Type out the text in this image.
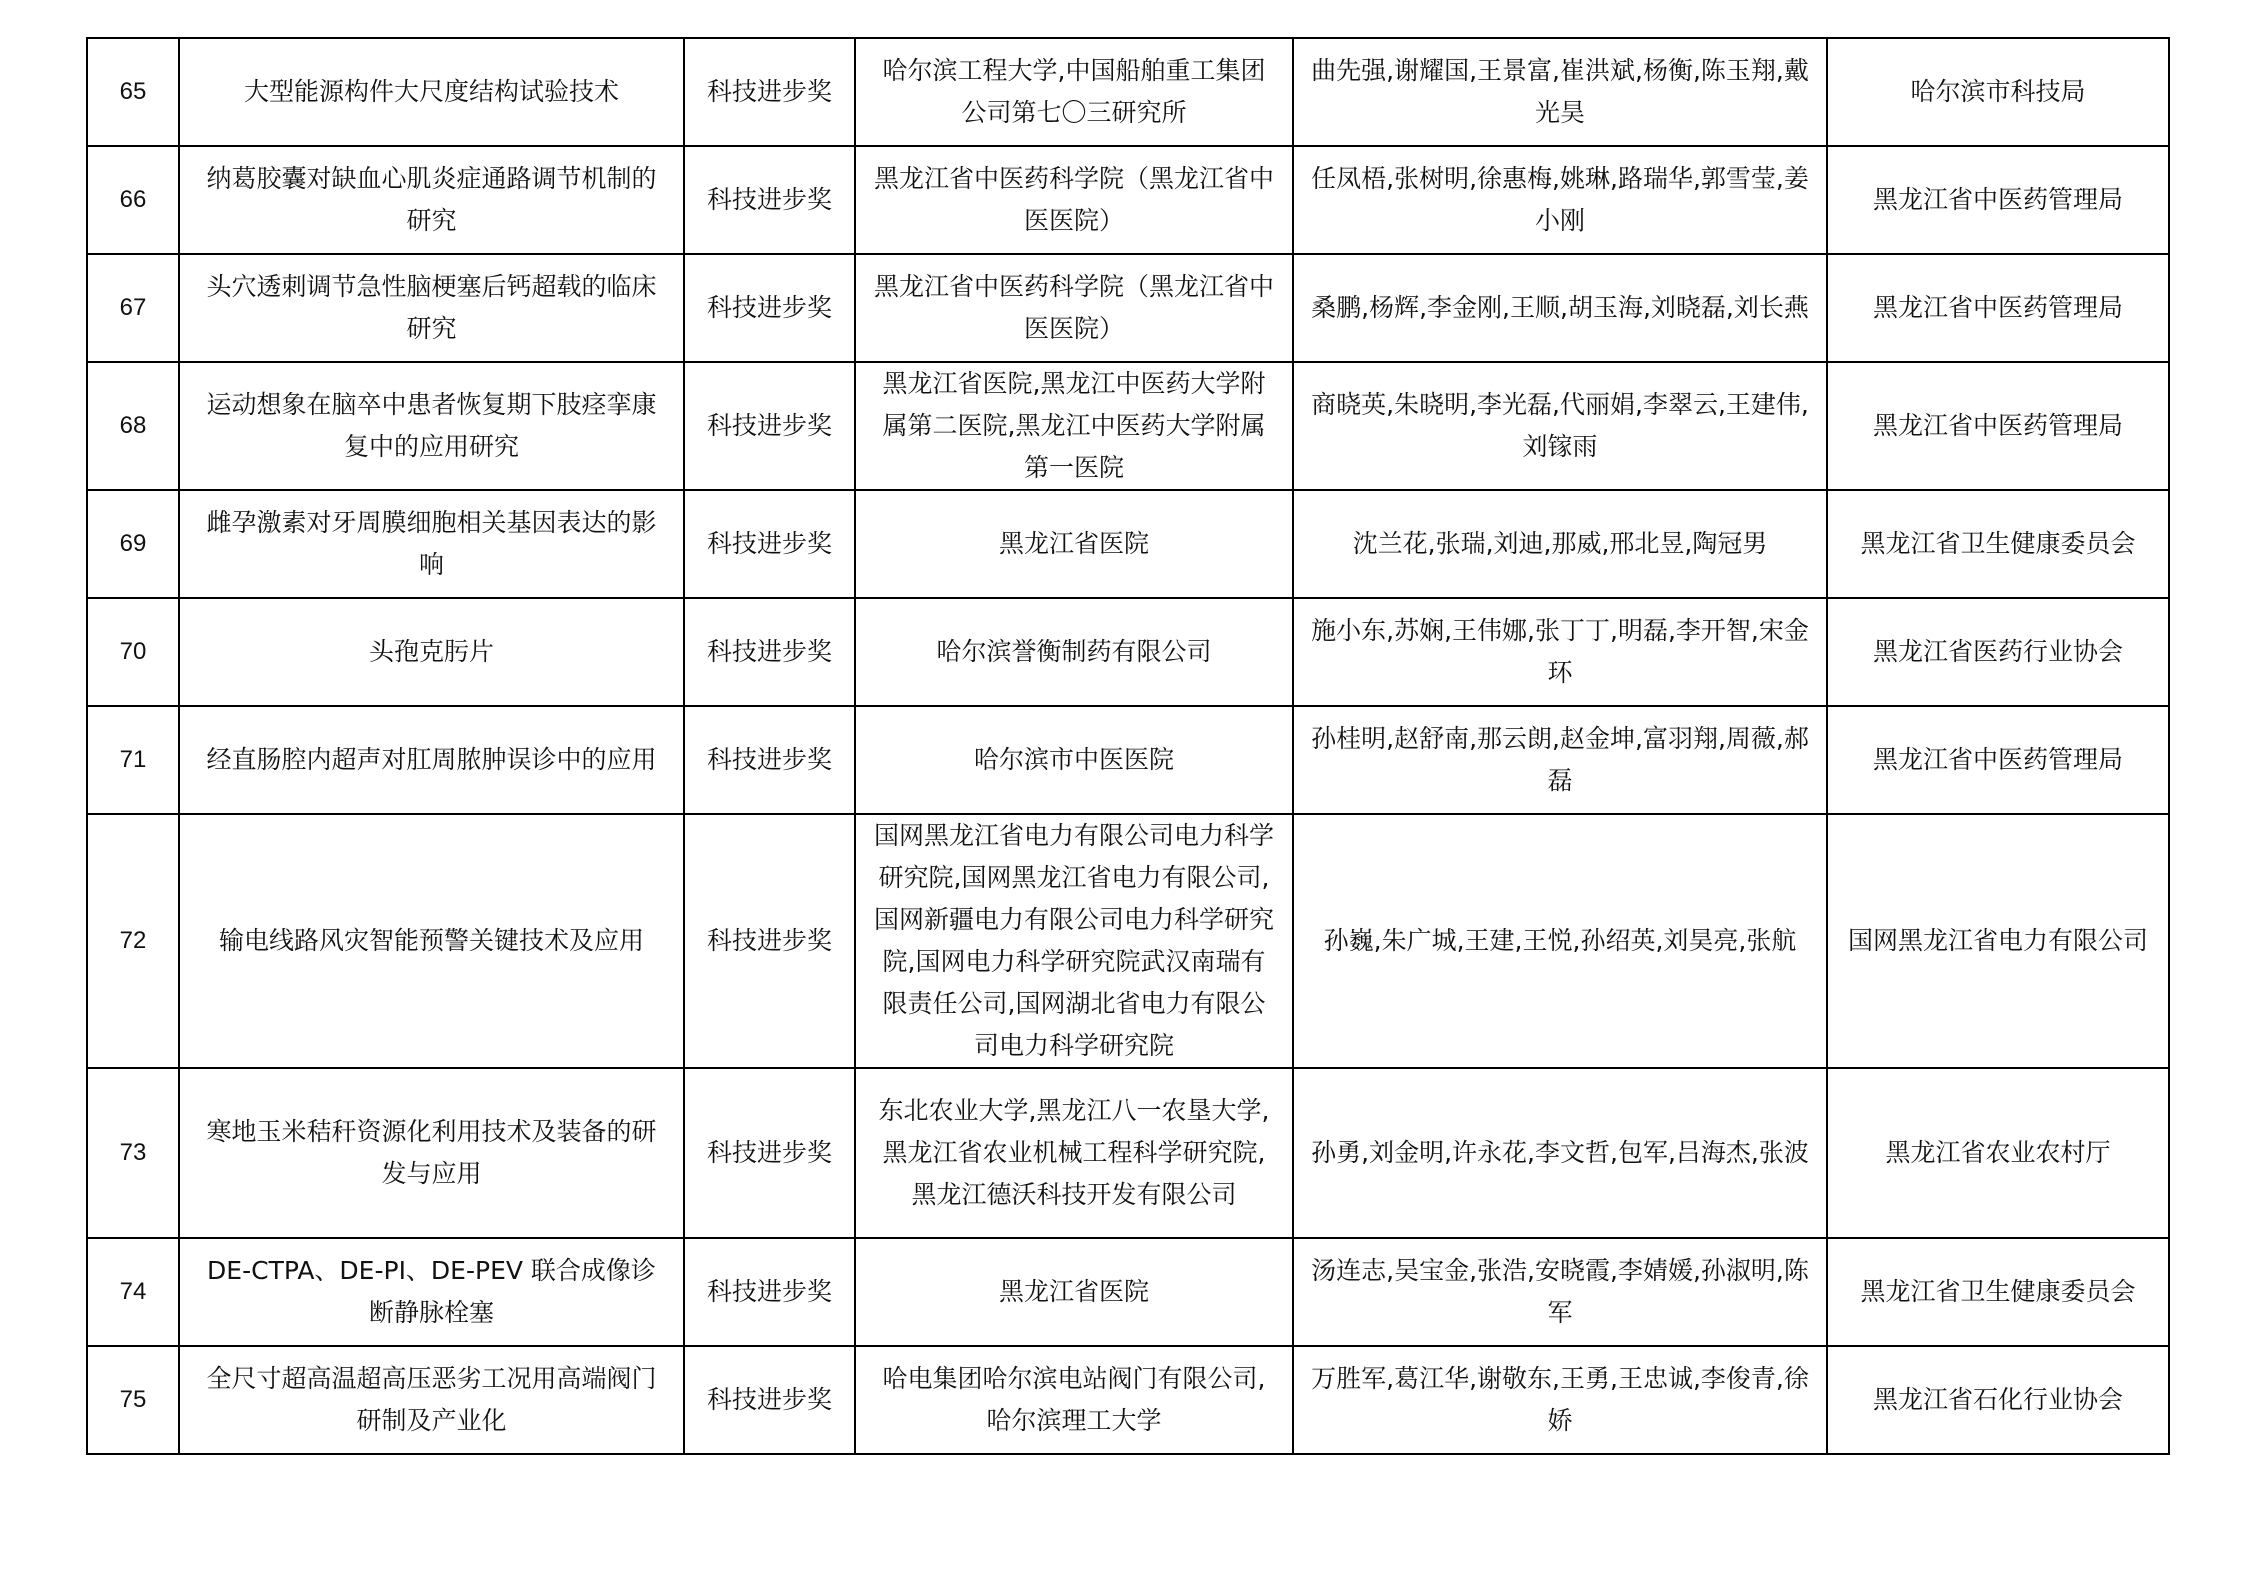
65	大型能源构件大尺度结构试验技术	科技进步奖	哈尔滨工程大学,中国船舶重工集团公司第七〇三研究所	曲先强,谢耀国,王景富,崔洪斌,杨衡,陈玉翔,戴光昊	哈尔滨市科技局
66	纳葛胶囊对缺血心肌炎症通路调节机制的研究	科技进步奖	黑龙江省中医药科学院（黑龙江省中医医院）	任凤梧,张树明,徐惠梅,姚琳,路瑞华,郭雪莹,姜小刚	黑龙江省中医药管理局
67	头穴透刺调节急性脑梗塞后钙超载的临床研究	科技进步奖	黑龙江省中医药科学院（黑龙江省中医医院）	桑鹏,杨辉,李金刚,王顺,胡玉海,刘晓磊,刘长燕	黑龙江省中医药管理局
68	运动想象在脑卒中患者恢复期下肢痉挛康复中的应用研究	科技进步奖	黑龙江省医院,黑龙江中医药大学附属第二医院,黑龙江中医药大学附属第一医院	商晓英,朱晓明,李光磊,代丽娟,李翠云,王建伟,刘镓雨	黑龙江省中医药管理局
69	雌孕激素对牙周膜细胞相关基因表达的影响	科技进步奖	黑龙江省医院	沈兰花,张瑞,刘迪,那威,邢北昱,陶冠男	黑龙江省卫生健康委员会
70	头孢克肟片	科技进步奖	哈尔滨誉衡制药有限公司	施小东,苏娴,王伟娜,张丁丁,明磊,李开智,宋金环	黑龙江省医药行业协会
71	经直肠腔内超声对肛周脓肿误诊中的应用	科技进步奖	哈尔滨市中医医院	孙桂明,赵舒南,那云朗,赵金坤,富羽翔,周薇,郝磊	黑龙江省中医药管理局
72	输电线路风灾智能预警关键技术及应用	科技进步奖	国网黑龙江省电力有限公司电力科学研究院,国网黑龙江省电力有限公司,国网新疆电力有限公司电力科学研究院,国网电力科学研究院武汉南瑞有限责任公司,国网湖北省电力有限公司电力科学研究院	孙巍,朱广城,王建,王悦,孙绍英,刘昊亮,张航	国网黑龙江省电力有限公司
73	寒地玉米秸秆资源化利用技术及装备的研发与应用	科技进步奖	东北农业大学,黑龙江八一农垦大学,黑龙江省农业机械工程科学研究院,黑龙江德沃科技开发有限公司	孙勇,刘金明,许永花,李文哲,包军,吕海杰,张波	黑龙江省农业农村厅
74	DE-CTPA、DE-PI、DE-PEV 联合成像诊断静脉栓塞	科技进步奖	黑龙江省医院	汤连志,吴宝金,张浩,安晓霞,李婧媛,孙淑明,陈军	黑龙江省卫生健康委员会
75	全尺寸超高温超高压恶劣工况用高端阀门研制及产业化	科技进步奖	哈电集团哈尔滨电站阀门有限公司,哈尔滨理工大学	万胜军,葛江华,谢敬东,王勇,王忠诚,李俊青,徐娇	黑龙江省石化行业协会
